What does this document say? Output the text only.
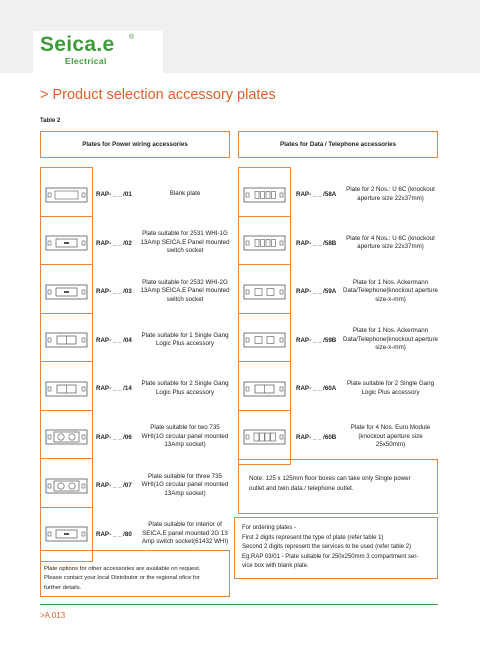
Seica.e ®
Electrical
> Product selection accessory plates
Table 2
Plates for Power wiring accessories	Plates for Data / Telephone accessories
RAP- _ _ /01	Blank plate
RAP- _ _ /02
Plate suitable for 2531 WHI-1G 13Amp SEICA.E Panel mounted switch socket
RAP- _ _ /03
Plate suitable for 2532 WHI-2G 13Amp SEICA.E Panel mounted switch socket
RAP- _ _ /04
Plate suitable for 1 Single Gang Logic Plus accessory
RAP- _ _ /14
Plate suitable for 2 Single Gang Logic Plus accessory
RAP- _ _ /06
Plate suitable for two 735 WHI(1G circular panel mounted 13Amp socket)
RAP- _ _ /07
Plate suitable for three 735 WHI(1G circular panel mounted 13Amp socket)
RAP- _ _ /80
Plate suitable for interior of SEICA.E panel mounted 2G 13 Amp switch socket(61432 WHI)
RAP- _ _ /58A
Plate for 2 Nos.: U 6C (knockout aperture size 22x37mm)
RAP- _ _ /58B
Plate for 4 Nos.: U 6C (knockout aperture size 22x37mm)
RAP- _ _ /59A
Plate for 1 Nos. Ackermann Data/Telephone(knockout aperture size-x-mm)
RAP- _ _ /59B
Plate for 1 Nos. Ackermann Data/Telephone(knockout aperture size-x-mm)
RAP- _ _ /60A
Plate suitable for 2 Single Gang Logic Plus accessory
RAP- _ _ /60B
Plate for 4 Nos. Euro Module (knockout aperture size 25x50mm)
Note: 125 x 125mm floor boxes can take only Single power
outlet and twin data / telephone outlet.
For ordering plates -
First 2 digits represent the type of plate (refer table 1)
Second 2 digits represent the services to be used (refer table 2)
Eg.RAP 03/01 - Plate suitable for 250x250mm 3 compartment ser-
vice box with blank plate.
Plate options for other accessories are available on request.
Please contact your local Distributor or the regional ofice for
further details.
>A 013
